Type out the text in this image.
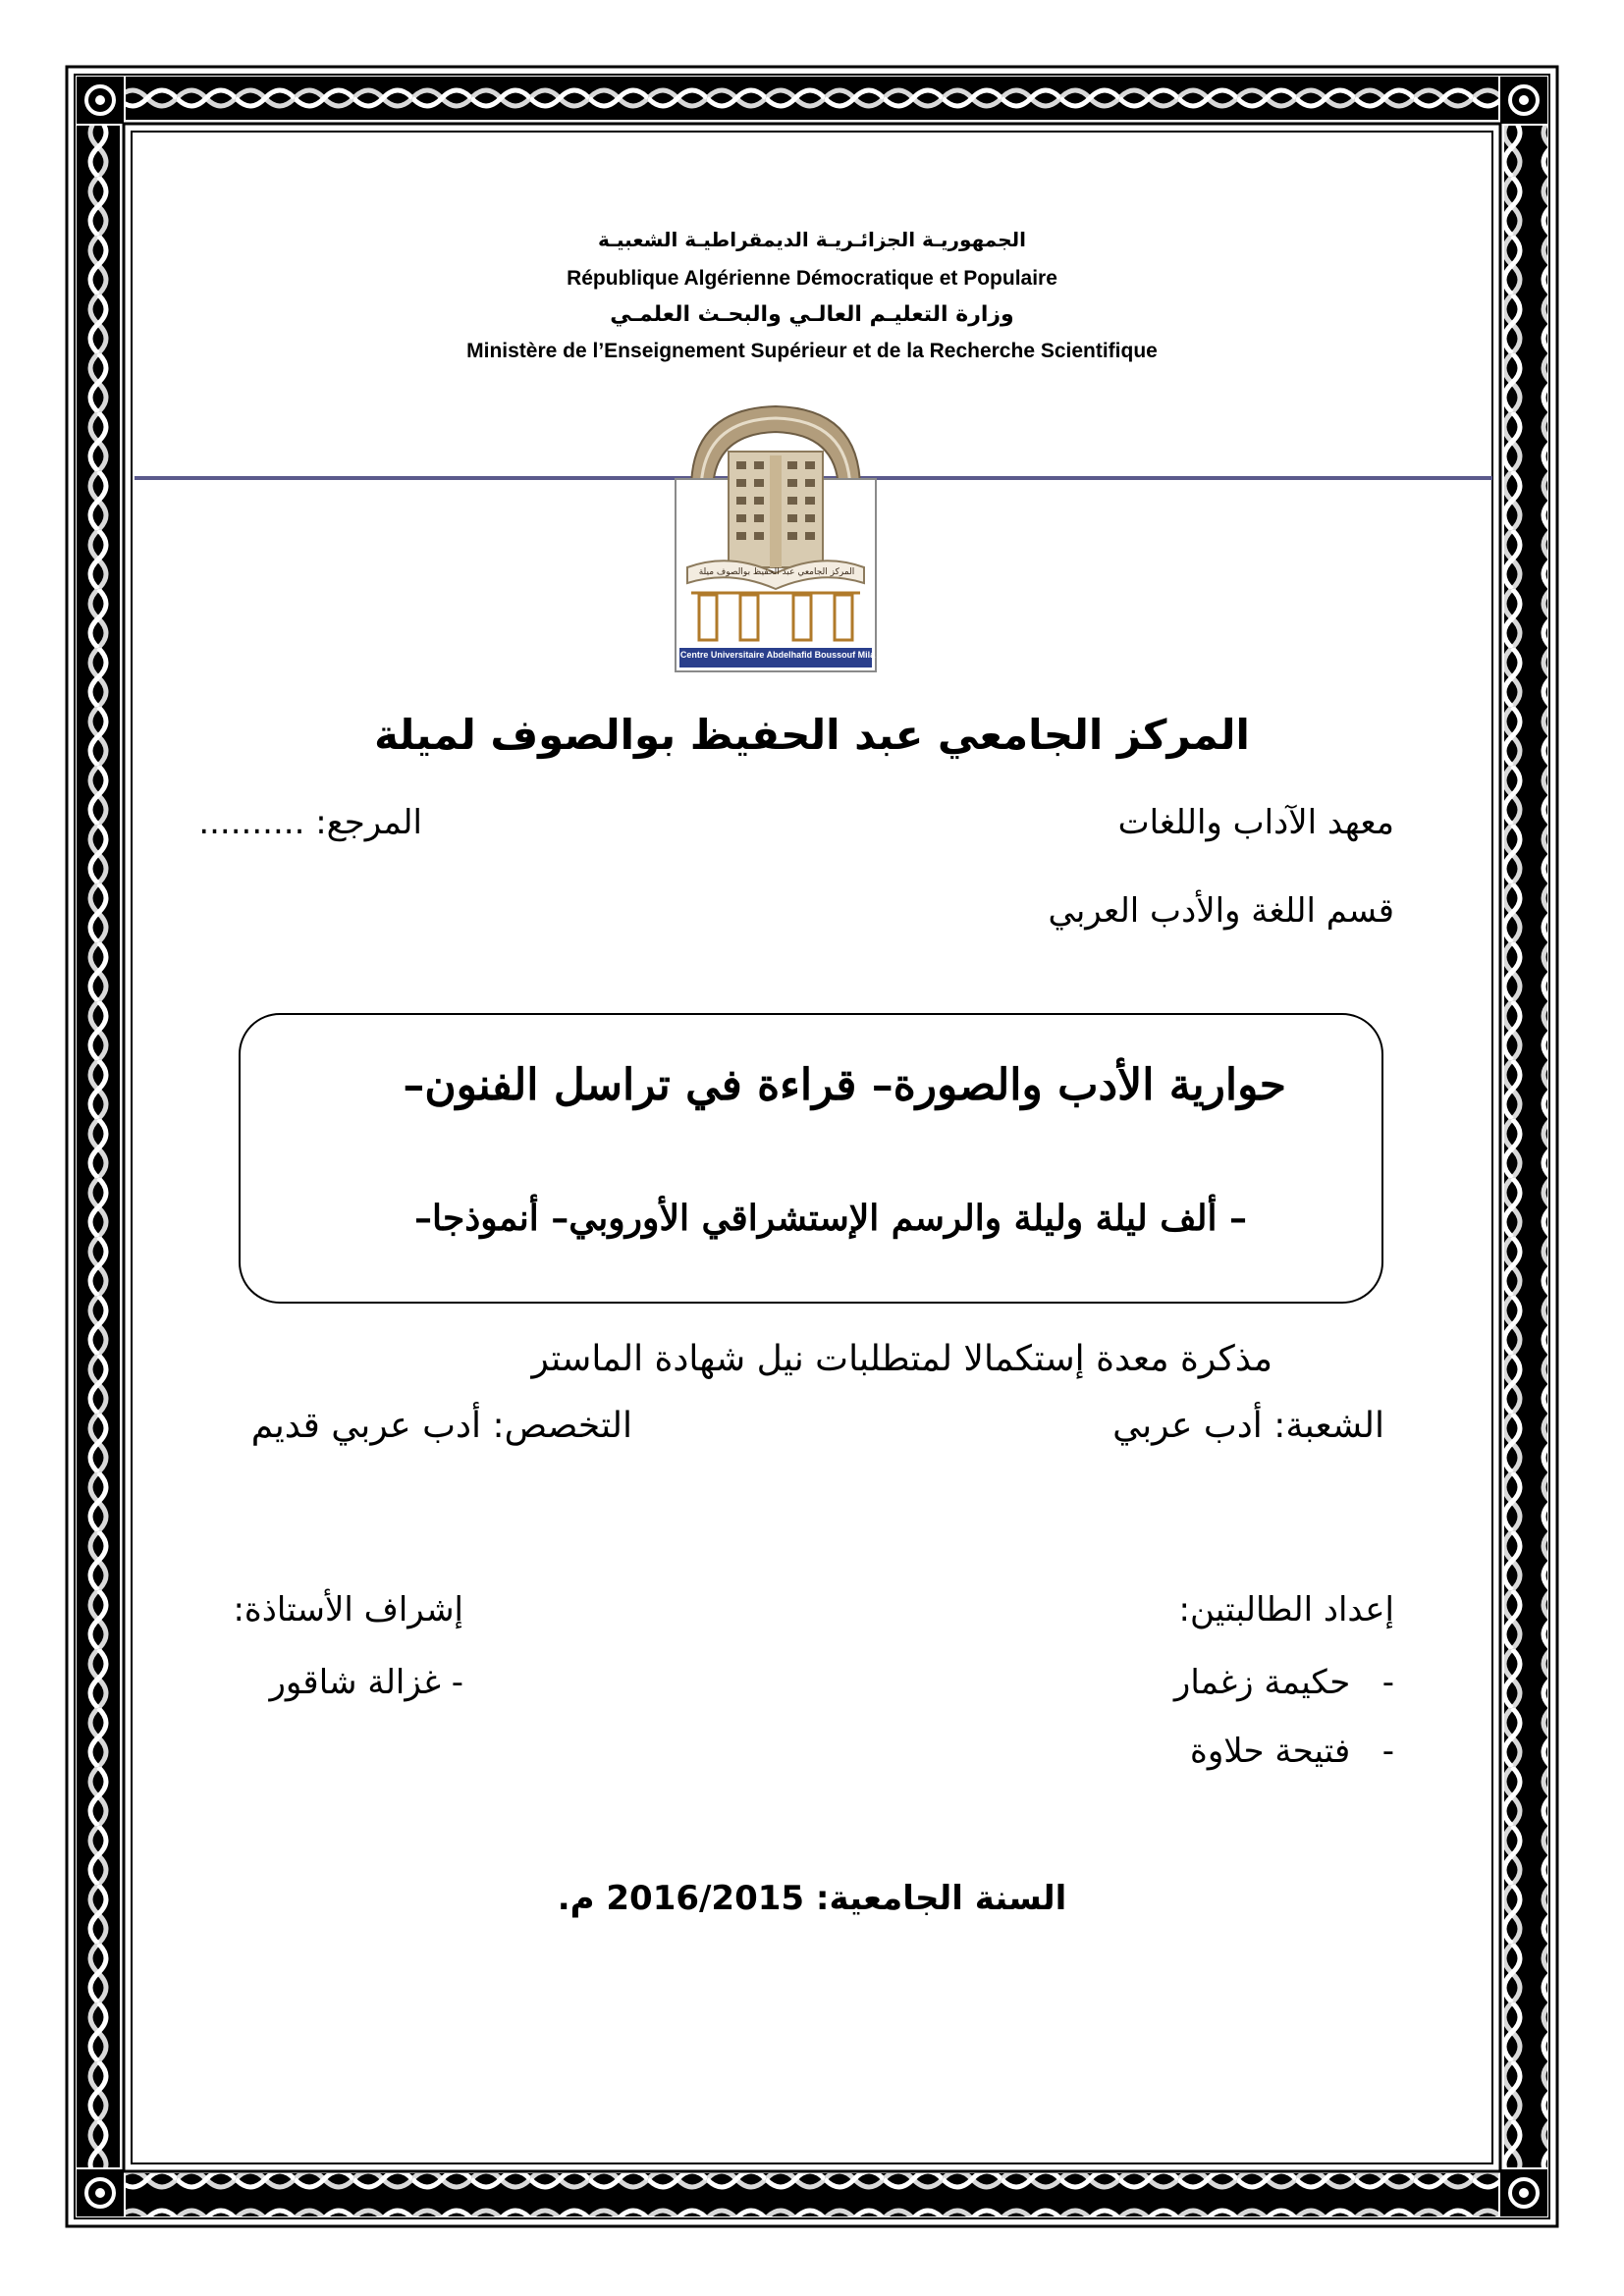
الجمهوريـة الجزائـريـة الديمقراطيـة الشعبيـة
République Algérienne Démocratique et Populaire
وزارة التعليـم العالـي والبحـث العلمـي
Ministère de l’Enseignement Supérieur et de la Recherche Scientifique
المركز الجامعي عبد الحفيظ بوالصوف ميلة
Centre Universitaire Abdelhafid Boussouf Mila
المركز الجامعي عبد الحفيظ بوالصوف لميلة
معهد الآداب واللغات
المرجع: ..........
قسم اللغة والأدب العربي
حوارية الأدب والصورة– قراءة في تراسل الفنون–
– ألف ليلة وليلة والرسم الإستشراقي الأوروبي– أنموذجا–
مذكرة معدة إستكمالا لمتطلبات نيل شهادة الماستر
الشعبة: أدب عربي
التخصص: أدب عربي قديم
إعداد الطالبتين:
-   حكيمة زغمار
-   فتيحة حلاوة
إشراف الأستاذة:
- غزالة شاقور
السنة الجامعية: 2016/2015 م.
